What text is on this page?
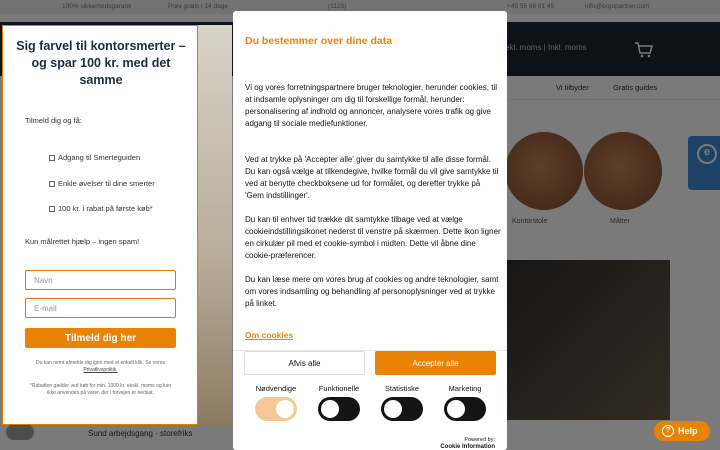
e
Sig farvel til kontorsmerter – og spar 100 kr. med det samme
Tilmeld dig og få:
Adgang til Smerteguiden
Enkle øvelser til dine smerter
100 kr. i rabat på første køb*
Kun målrettet hjælp – ingen spam!
Navn
E-mail
Tilmeld dig her
Du kan nemt afmelde dig igen med et enkelt klik. Se vores Privatlivspolitik.
*Rabatten gælder ved køb for min. 1000 kr. ekskl. moms og kan ikke anvendes på varer, der i forvejen er nedsat.
Du bestemmer over dine data
Vi og vores forretningspartnere bruger teknologier, herunder cookies, til at indsamle oplysninger om dig til forskellige formål, herunder: personalisering af indhold og annoncer, analysere vores trafik og give adgang til sociale mediefunktioner.
Ved at trykke på 'Accepter alle' giver du samtykke til alle disse formål. Du kan også vælge at tilkendegive, hvilke formål du vil give samtykke til ved at benytte checkboksene ud for formålet, og derefter trykke på 'Gem indstillinger'.
Du kan til enhver tid trække dit samtykke tilbage ved at vælge cookieindstillingsikonet nederst til venstre på skærmen. Dette ikon ligner en cirkulær pil med et cookie-symbol i midten. Dette vil åbne dine cookie-præferencer.
Du kan læse mere om vores brug af cookies og andre teknologier, samt om vores indsamling og behandling af personoplysninger ved at trykke på linket.
Om cookies
Afvis alle	Accepter alle
Nødvendige	Funktionelle	Statistiske	Marketing
Powered by:
Cookie Information
? Help
